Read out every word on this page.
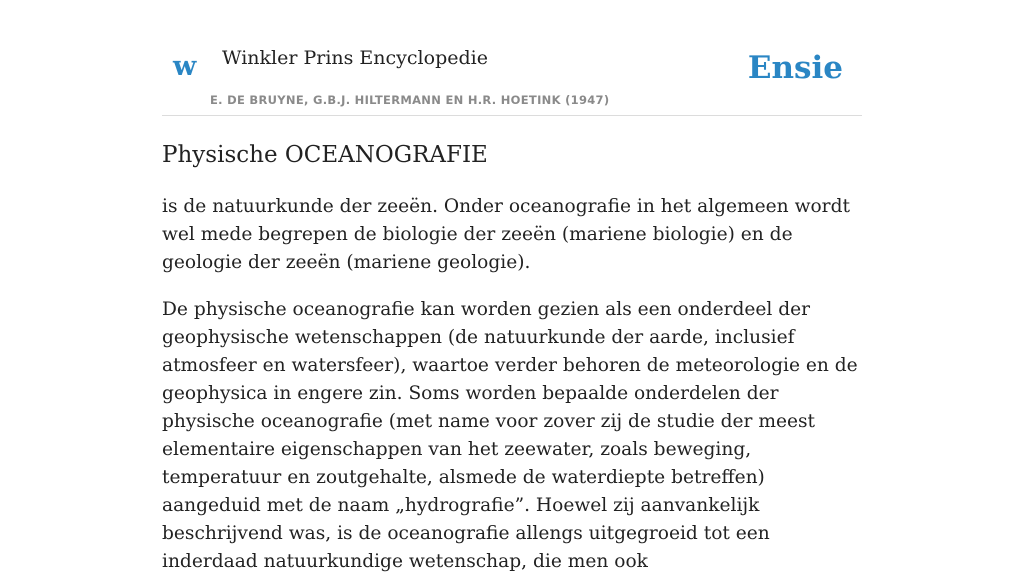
w Winkler Prins Encyclopedie
E. DE BRUYNE, G.B.J. HILTERMANN EN H.R. HOETINK (1947)
Ensie
Physische OCEANOGRAFIE

is de natuurkunde der zeeën. Onder oceanografie in het algemeen wordt wel mede begrepen de biologie der zeeën (mariene biologie) en de geologie der zeeën (mariene geologie).

De physische oceanografie kan worden gezien als een onderdeel der geophysische wetenschappen (de natuurkunde der aarde, inclusief atmosfeer en watersfeer), waartoe verder behoren de meteorologie en de geophysica in engere zin. Soms worden bepaalde onderdelen der physische oceanografie (met name voor zover zij de studie der meest elementaire eigenschappen van het zeewater, zoals beweging, temperatuur en zoutgehalte, alsmede de waterdiepte betreffen) aangeduid met de naam „hydrografie”. Hoewel zij aanvankelijk beschrijvend was, is de oceanografie allengs uitgegroeid tot een inderdaad natuurkundige wetenschap, die men ook
